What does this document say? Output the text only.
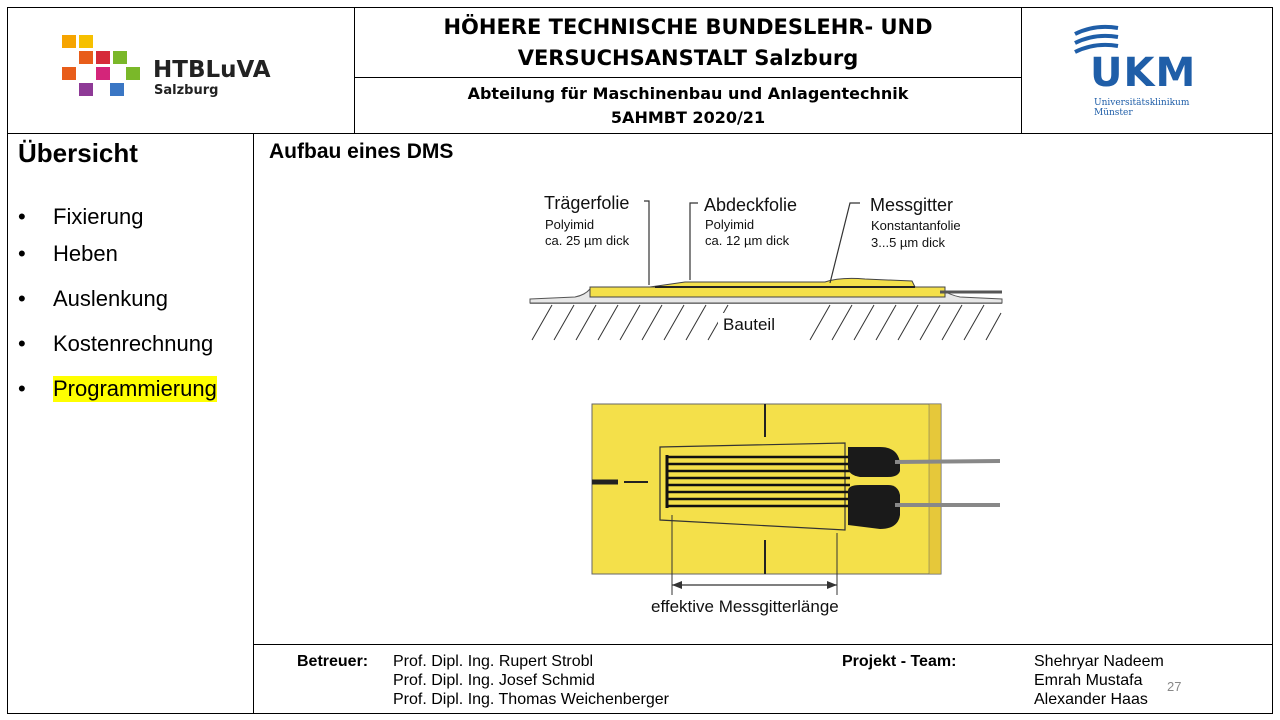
HTBLuVA
Salzburg
HÖHERE TECHNISCHE BUNDESLEHR- UND
VERSUCHSANSTALT Salzburg
Abteilung für Maschinenbau und Anlagentechnik
5AHMBT 2020/21
UKM
Universitätsklinikum
Münster
Übersicht
• Fixierung
• Heben
• Auslenkung
• Kostenrechnung
• Programmierung
Aufbau eines DMS
Trägerfolie
Polyimid
ca. 25 µm dick
Abdeckfolie
Polyimid
ca. 12 µm dick
Messgitter
Konstantanfolie
3...5 µm dick
Bauteil
effektive Messgitterlänge
Betreuer: Prof. Dipl. Ing. Rupert Strobl
Prof. Dipl. Ing. Josef Schmid
Prof. Dipl. Ing. Thomas Weichenberger
Projekt - Team:	Shehryar Nadeem
Emrah Mustafa
Alexander Haas
27
